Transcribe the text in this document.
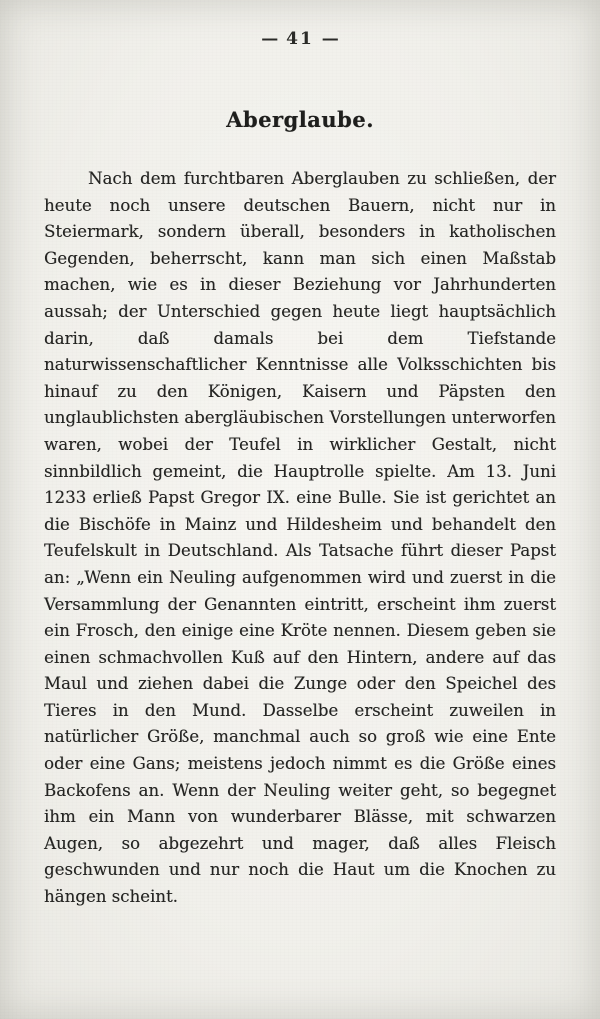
— 41 —
Aberglaube.

Nach dem furchtbaren Aberglauben zu schließen, der heute noch unsere deutschen Bauern, nicht nur in Steiermark, sondern überall, besonders in katholischen Gegenden, beherrscht, kann man sich einen Maßstab machen, wie es in dieser Beziehung vor Jahrhunderten aussah; der Unterschied gegen heute liegt hauptsächlich darin, daß damals bei dem Tiefstande naturwissenschaftlicher Kenntnisse alle Volksschichten bis hinauf zu den Königen, Kaisern und Päpsten den unglaublichsten abergläubischen Vorstellungen unterworfen waren, wobei der Teufel in wirklicher Gestalt, nicht sinnbildlich gemeint, die Hauptrolle spielte. Am 13. Juni 1233 erließ Papst Gregor IX. eine Bulle. Sie ist gerichtet an die Bischöfe in Mainz und Hildesheim und behandelt den Teufelskult in Deutschland. Als Tatsache führt dieser Papst an: „Wenn ein Neuling aufgenommen wird und zuerst in die Versammlung der Genannten eintritt, erscheint ihm zuerst ein Frosch, den einige eine Kröte nennen. Diesem geben sie einen schmachvollen Kuß auf den Hintern, andere auf das Maul und ziehen dabei die Zunge oder den Speichel des Tieres in den Mund. Dasselbe erscheint zuweilen in natürlicher Größe, manchmal auch so groß wie eine Ente oder eine Gans; meistens jedoch nimmt es die Größe eines Backofens an. Wenn der Neuling weiter geht, so begegnet ihm ein Mann von wunderbarer Blässe, mit schwarzen Augen, so abgezehrt und mager, daß alles Fleisch geschwunden und nur noch die Haut um die Knochen zu hängen scheint.
